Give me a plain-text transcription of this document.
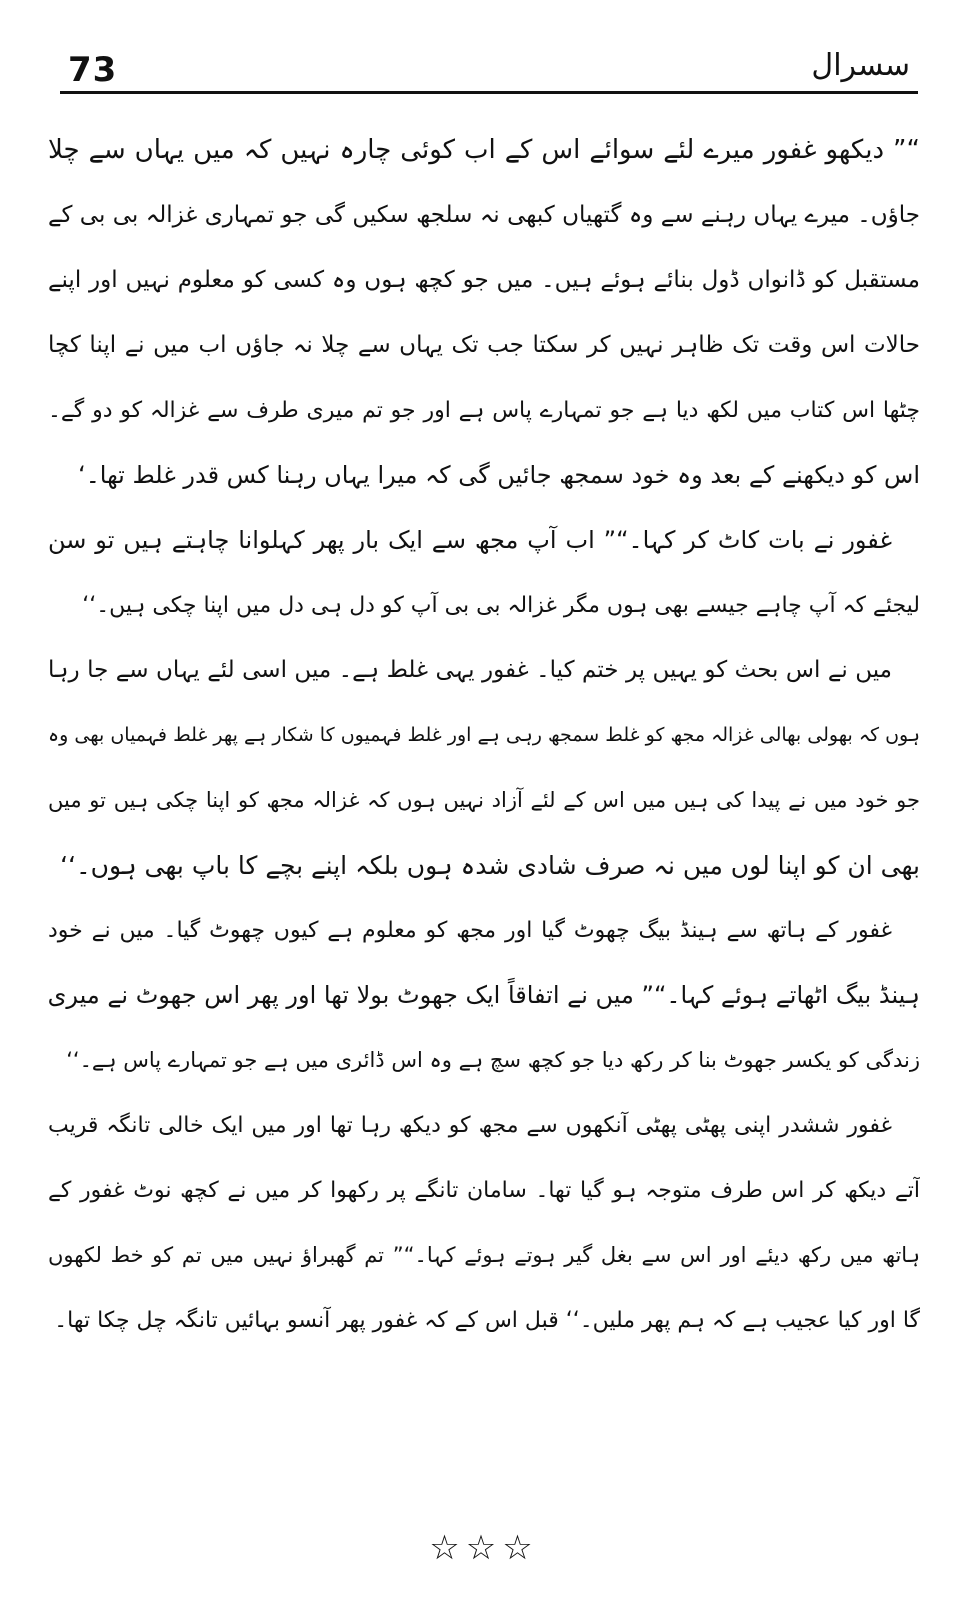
73	سسرال
“” دیکھو غفور میرے لئے سوائے اس کے اب کوئی چارہ نہیں کہ میں یہاں سے چلا
جاؤں۔ میرے یہاں رہنے سے وہ گتھیاں کبھی نہ سلجھ سکیں گی جو تمہاری غزالہ بی بی کے
مستقبل کو ڈانواں ڈول بنائے ہوئے ہیں۔ میں جو کچھ ہوں وہ کسی کو معلوم نہیں اور اپنے
حالات اس وقت تک ظاہر نہیں کر سکتا جب تک یہاں سے چلا نہ جاؤں اب میں نے اپنا کچا
چٹھا اس کتاب میں لکھ دیا ہے جو تمہارے پاس ہے اور جو تم میری طرف سے غزالہ کو دو گے۔
اس کو دیکھنے کے بعد وہ خود سمجھ جائیں گی کہ میرا یہاں رہنا کس قدر غلط تھا۔‘
غفور نے بات کاٹ کر کہا۔“” اب آپ مجھ سے ایک بار پھر کہلوانا چاہتے ہیں تو سن
لیجئے کہ آپ چاہے جیسے بھی ہوں مگر غزالہ بی بی آپ کو دل ہی دل میں اپنا چکی ہیں۔‘‘
میں نے اس بحث کو یہیں پر ختم کیا۔ غفور یہی غلط ہے۔ میں اسی لئے یہاں سے جا رہا
ہوں کہ بھولی بھالی غزالہ مجھ کو غلط سمجھ رہی ہے اور غلط فہمیوں کا شکار ہے پھر غلط فہمیاں بھی وہ
جو خود میں نے پیدا کی ہیں میں اس کے لئے آزاد نہیں ہوں کہ غزالہ مجھ کو اپنا چکی ہیں تو میں
بھی ان کو اپنا لوں میں نہ صرف شادی شدہ ہوں بلکہ اپنے بچے کا باپ بھی ہوں۔‘‘
غفور کے ہاتھ سے ہینڈ بیگ چھوٹ گیا اور مجھ کو معلوم ہے کیوں چھوٹ گیا۔ میں نے خود
ہینڈ بیگ اٹھاتے ہوئے کہا۔“” میں نے اتفاقاً ایک جھوٹ بولا تھا اور پھر اس جھوٹ نے میری
زندگی کو یکسر جھوٹ بنا کر رکھ دیا جو کچھ سچ ہے وہ اس ڈائری میں ہے جو تمہارے پاس ہے۔‘‘
غفور ششدر اپنی پھٹی پھٹی آنکھوں سے مجھ کو دیکھ رہا تھا اور میں ایک خالی تانگہ قریب
آتے دیکھ کر اس طرف متوجہ ہو گیا تھا۔ سامان تانگے پر رکھوا کر میں نے کچھ نوٹ غفور کے
ہاتھ میں رکھ دیئے اور اس سے بغل گیر ہوتے ہوئے کہا۔“” تم گھبراؤ نہیں میں تم کو خط لکھوں
گا اور کیا عجیب ہے کہ ہم پھر ملیں۔‘‘ قبل اس کے کہ غفور پھر آنسو بہائیں تانگہ چل چکا تھا۔
☆☆☆
